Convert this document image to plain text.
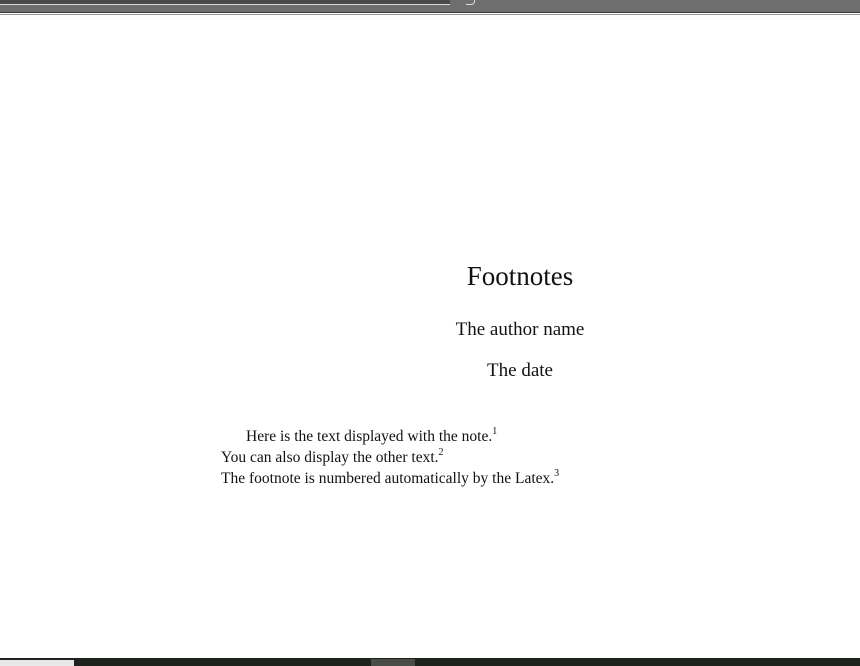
Footnotes
The author name
The date
Here is the text displayed with the note.$^1$
You can also display the other text.$^2$
The footnote is numbered automatically by the Latex.$^3$
